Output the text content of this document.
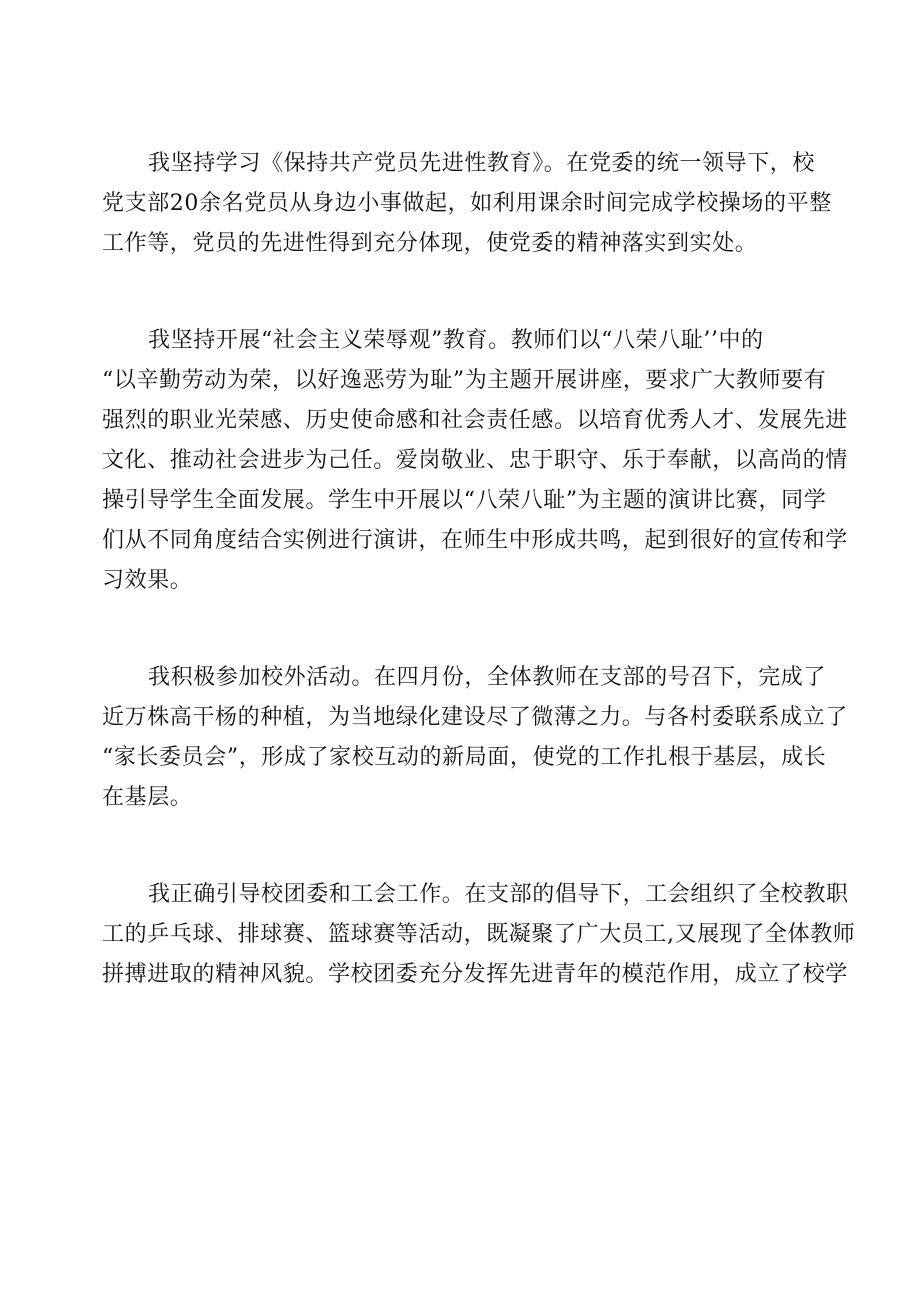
我坚持学习《保持共产党员先进性教育》。在党委的统一领导下，校
党支部20余名党员从身边小事做起，如利用课余时间完成学校操场的平整
工作等，党员的先进性得到充分体现，使党委的精神落实到实处。
我坚持开展“社会主义荣辱观”教育。教师们以“八荣八耻’’中的
“以辛勤劳动为荣，以好逸恶劳为耻”为主题开展讲座，要求广大教师要有
强烈的职业光荣感、历史使命感和社会责任感。以培育优秀人才、发展先进
文化、推动社会进步为己任。爱岗敬业、忠于职守、乐于奉献，以高尚的情
操引导学生全面发展。学生中开展以“八荣八耻”为主题的演讲比赛，同学
们从不同角度结合实例进行演讲，在师生中形成共鸣，起到很好的宣传和学
习效果。
我积极参加校外活动。在四月份，全体教师在支部的号召下，完成了
近万株高干杨的种植，为当地绿化建设尽了微薄之力。与各村委联系成立了
“家长委员会”，形成了家校互动的新局面，使党的工作扎根于基层，成长
在基层。
我正确引导校团委和工会工作。在支部的倡导下，工会组织了全校教职
工的乒乓球、排球赛、篮球赛等活动，既凝聚了广大员工,又展现了全体教师
拼搏进取的精神风貌。学校团委充分发挥先进青年的模范作用，成立了校学
